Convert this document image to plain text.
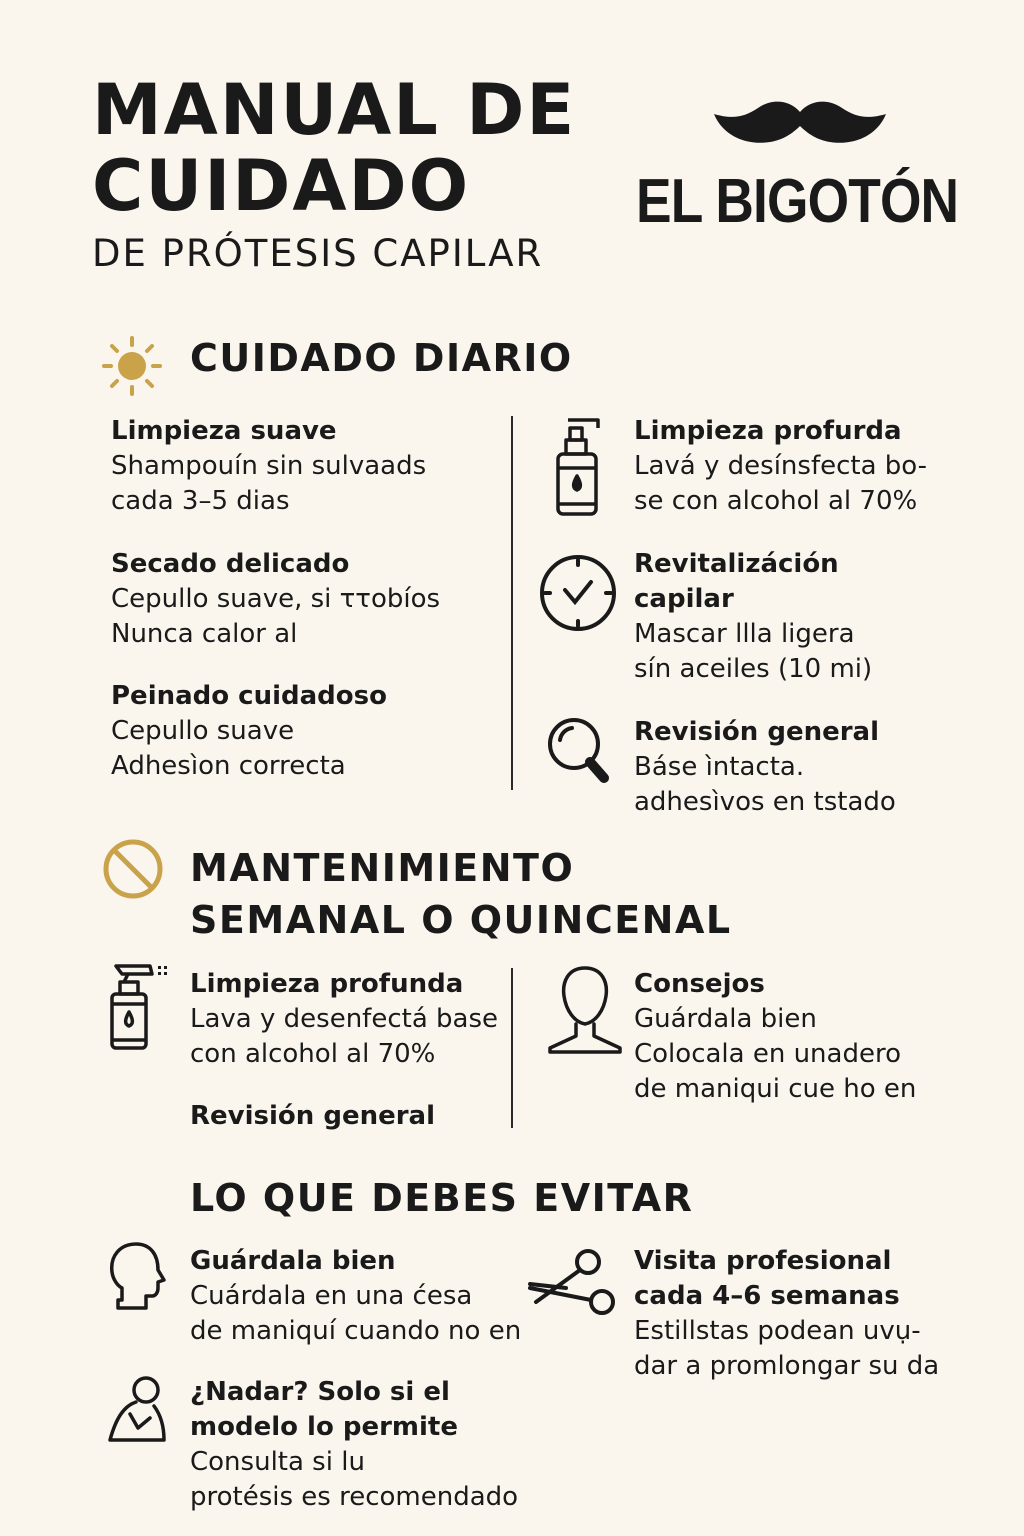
MANUAL DE
CUIDADO
DE PRÓTESIS CAPILAR
EL BIGOTÓN
CUIDADO DIARIO
Limpieza suave
Shampouín sin sulvaads
cada 3–5 dias
Secado delicado
Cepullo suave, si ττobíos
Nunca calor al
Peinado cuidadoso
Cepullo suave
Adhesìon correcta
Limpieza profurda
Lavá y desínsfecta bo-
se con alcohol al 70%
Revitalizáción
capilar
Mascar llla ligera
sín aceiles (10 mi)
Revisión general
Báse ìntacta.
adhesìvos en tstado
MANTENIMIENTO
SEMANAL O QUINCENAL
Limpieza profunda
Lava y desenfectá base
con alcohol al 70%
Revisión general
Consejos
Guárdala bien
Colocala en unadero
de maniqui cue ho en
LO QUE DEBES EVITAR
Guárdala bien
Cuárdala en una ćesa
de maniquí cuando no en
Visita profesional
cada 4–6 semanas
Estillstas podean uvụ-
dar a promlongar su da
¿Nadar? Solo si el
modelo lo permite
Consulta si lu
protésis es recomendado
